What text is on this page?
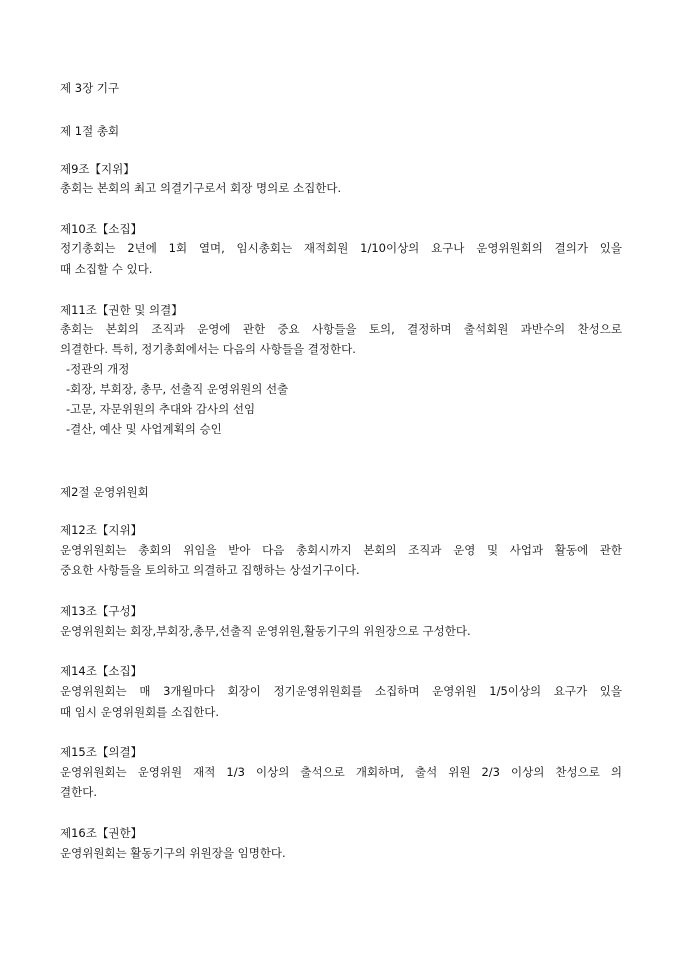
제 3장 기구
제 1절 총회
제9조【지위】
총회는 본회의 최고 의결기구로서 회장 명의로 소집한다.
제10조【소집】
정기총회는 2년에 1회 열며, 임시총회는 재적회원 1/10이상의 요구나 운영위원회의 결의가 있을
때 소집할 수 있다.
제11조【권한 및 의결】
총회는 본회의 조직과 운영에 관한 중요 사항들을 토의, 결정하며 출석회원 과반수의 찬성으로
의결한다. 특히, 정기총회에서는 다음의 사항들을 결정한다.
-정관의 개정
-회장, 부회장, 총무, 선출직 운영위원의 선출
-고문, 자문위원의 추대와 감사의 선임
-결산, 예산 및 사업계획의 승인
제2절 운영위원회
제12조【지위】
운영위원회는 총회의 위임을 받아 다음 총회시까지 본회의 조직과 운영 및 사업과 활동에 관한
중요한 사항들을 토의하고 의결하고 집행하는 상설기구이다.
제13조【구성】
운영위원회는 회장,부회장,총무,선출직 운영위원,활동기구의 위원장으로 구성한다.
제14조【소집】
운영위원회는 매 3개월마다 회장이 정기운영위원회를 소집하며 운영위원 1/5이상의 요구가 있을
때 임시 운영위원회를 소집한다.
제15조【의결】
운영위원회는 운영위원 재적 1/3 이상의 출석으로 개회하며, 출석 위원 2/3 이상의 찬성으로 의
결한다.
제16조【권한】
운영위원회는 활동기구의 위원장을 임명한다.
